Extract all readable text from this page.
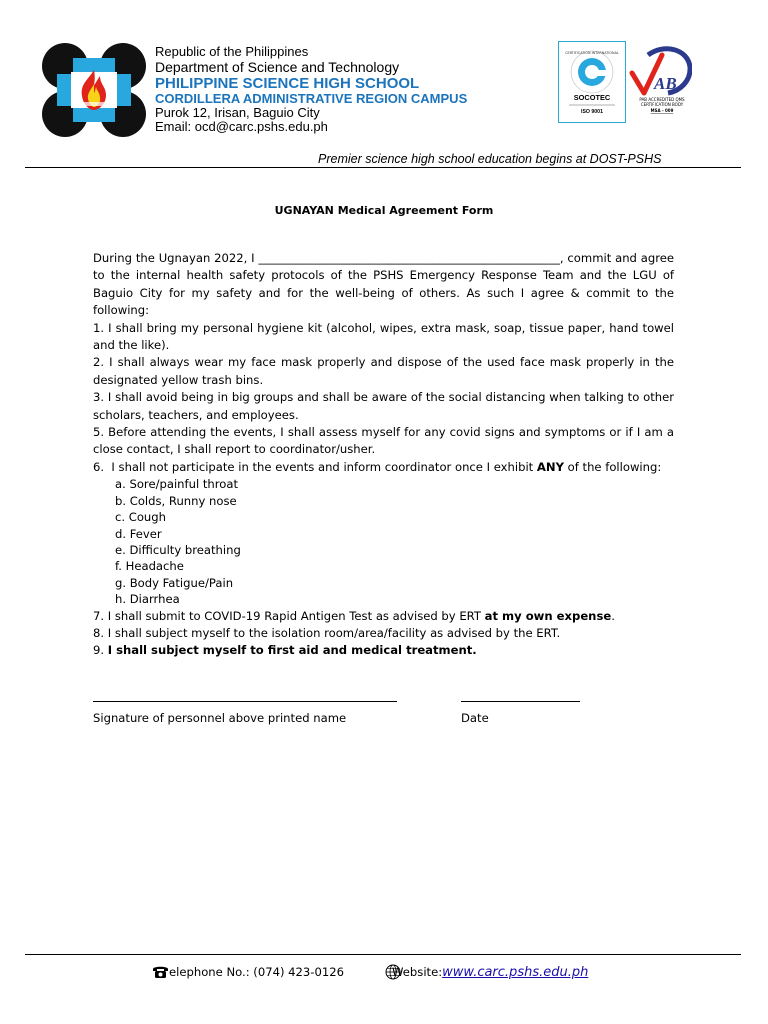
Republic of the Philippines
Department of Science and Technology
PHILIPPINE SCIENCE HIGH SCHOOL
CORDILLERA ADMINISTRATIVE REGION CAMPUS
Purok 12, Irisan, Baguio City
Email: ocd@carc.pshs.edu.ph
CERTIFICATION INTERNATIONAL
SOCOTEC
ISO 9001
AB
PAB ACCREDITED QMS
CERTIFICATION BODY
MSA - 009
Premier science high school education begins at DOST-PSHS
UGNAYAN Medical Agreement Form

During the Ugnayan 2022, I ____________________________________________________, commit and agree to the internal health safety protocols of the PSHS Emergency Response Team and the LGU of Baguio City for my safety and for the well-being of others. As such I agree & commit to the following:

1. I shall bring my personal hygiene kit (alcohol, wipes, extra mask, soap, tissue paper, hand towel and the like).

2. I shall always wear my face mask properly and dispose of the used face mask properly in the designated yellow trash bins.

3. I shall avoid being in big groups and shall be aware of the social distancing when talking to other scholars, teachers, and employees.

5. Before attending the events, I shall assess myself for any covid signs and symptoms or if I am a close contact, I shall report to coordinator/usher.

6.  I shall not participate in the events and inform coordinator once I exhibit ANY of the following:

a. Sore/painful throat
b. Colds, Runny nose
c. Cough
d. Fever
e. Difficulty breathing
f. Headache
g. Body Fatigue/Pain
h. Diarrhea

7. I shall submit to COVID-19 Rapid Antigen Test as advised by ERT at my own expense.

8. I shall subject myself to the isolation room/area/facility as advised by the ERT.

9. I shall subject myself to first aid and medical treatment.

Signature of personnel above printed name	Date
elephone No.: (074) 423-0126	Website:www.carc.pshs.edu.ph
